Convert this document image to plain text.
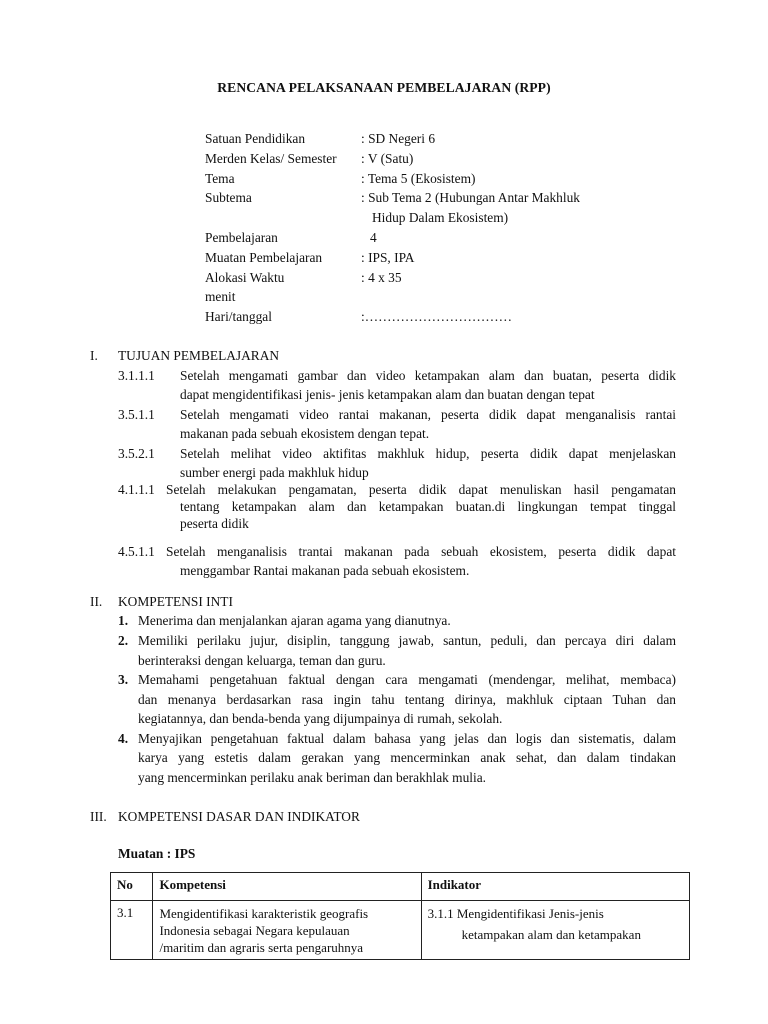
RENCANA PELAKSANAAN PEMBELAJARAN (RPP)
Satuan Pendidikan	: SD Negeri 6
Merden Kelas/ Semester : V (Satu)
Tema	: Tema 5 (Ekosistem)
Subtema	: Sub Tema 2 (Hubungan Antar Makhluk
Hidup Dalam Ekosistem)
Pembelajaran	4
Muatan Pembelajaran	: IPS, IPA
Alokasi Waktu	: 4 x 35
menit
Hari/tanggal	:……………………………
I. TUJUAN PEMBELAJARAN
3.1.1.1 Setelah mengamati gambar dan video ketampakan alam dan buatan, peserta didik
dapat mengidentifikasi jenis- jenis ketampakan alam dan buatan dengan tepat
3.5.1.1 Setelah mengamati video rantai makanan, peserta didik dapat menganalisis rantai
makanan pada sebuah ekosistem dengan tepat.
3.5.2.1 Setelah melihat video aktifitas makhluk hidup, peserta didik dapat menjelaskan
sumber energi pada makhluk hidup
4.1.1.1 Setelah melakukan pengamatan, peserta didik dapat menuliskan hasil pengamatan
tentang ketampakan alam dan ketampakan buatan.di lingkungan tempat tinggal
peserta didik
4.5.1.1 Setelah menganalisis trantai makanan pada sebuah ekosistem, peserta didik dapat
menggambar Rantai makanan pada sebuah ekosistem.
II. KOMPETENSI INTI
1. Menerima dan menjalankan ajaran agama yang dianutnya.
2. Memiliki perilaku jujur, disiplin, tanggung jawab, santun, peduli, dan percaya diri dalam
berinteraksi dengan keluarga, teman dan guru.
3. Memahami pengetahuan faktual dengan cara mengamati (mendengar, melihat, membaca)
dan menanya berdasarkan rasa ingin tahu tentang dirinya, makhluk ciptaan Tuhan dan
kegiatannya, dan benda-benda yang dijumpainya di rumah, sekolah.
4. Menyajikan pengetahuan faktual dalam bahasa yang jelas dan logis dan sistematis, dalam
karya yang estetis dalam gerakan yang mencerminkan anak sehat, dan dalam tindakan
yang mencerminkan perilaku anak beriman dan berakhlak mulia.
III. KOMPETENSI DASAR DAN INDIKATOR
Muatan : IPS
No	Kompetensi	Indikator
3.1	Mengidentifikasi karakteristik geografis
Indonesia sebagai Negara kepulauan
/maritim dan agraris serta pengaruhnya	3.1.1 Mengidentifikasi Jenis-jenis
ketampakan alam dan ketampakan
